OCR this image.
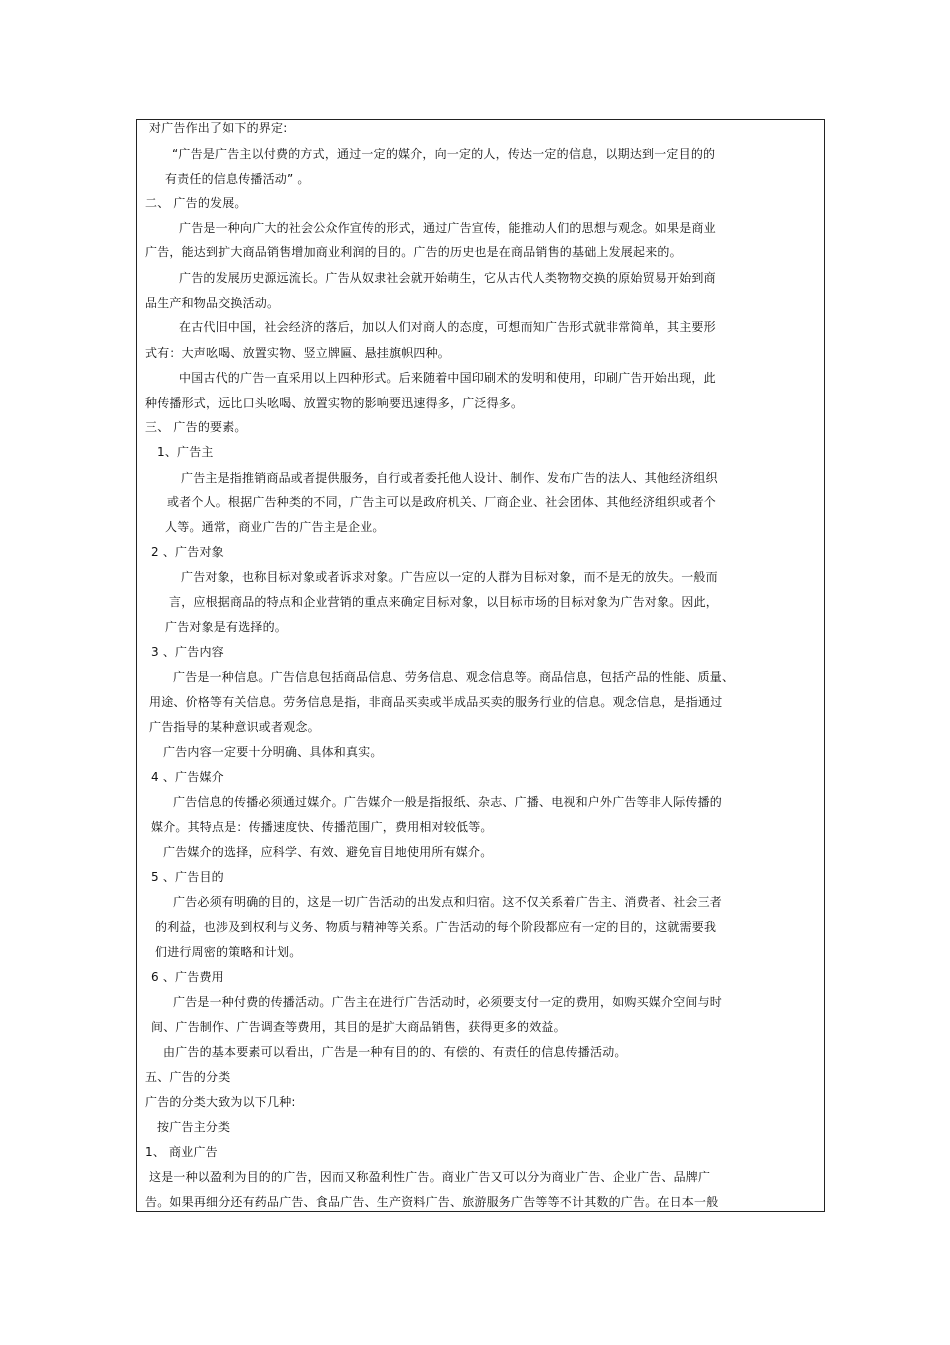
对广告作出了如下的界定:
“广告是广告主以付费的方式，通过一定的媒介，向一定的人，传达一定的信息，以期达到一定目的的
有责任的信息传播活动” 。
二、 广告的发展。
广告是一种向广大的社会公众作宣传的形式，通过广告宣传，能推动人们的思想与观念。如果是商业
广告，能达到扩大商品销售增加商业利润的目的。广告的历史也是在商品销售的基础上发展起来的。
广告的发展历史源远流长。广告从奴隶社会就开始萌生，它从古代人类物物交换的原始贸易开始到商
品生产和物品交换活动。
在古代旧中国，社会经济的落后，加以人们对商人的态度，可想而知广告形式就非常简单，其主要形
式有：大声吆喝、放置实物、竖立牌匾、悬挂旗帜四种。
中国古代的广告一直采用以上四种形式。后来随着中国印刷术的发明和使用，印刷广告开始出现，此
种传播形式，远比口头吆喝、放置实物的影响要迅速得多，广泛得多。
三、 广告的要素。
1、广告主
广告主是指推销商品或者提供服务，自行或者委托他人设计、制作、发布广告的法人、其他经济组织
或者个人。根据广告种类的不同，广告主可以是政府机关、厂商企业、社会团体、其他经济组织或者个
人等。通常，商业广告的广告主是企业。
2 、广告对象
广告对象，也称目标对象或者诉求对象。广告应以一定的人群为目标对象，而不是无的放失。一般而
言，应根据商品的特点和企业营销的重点来确定目标对象，以目标市场的目标对象为广告对象。因此，
广告对象是有选择的。
3 、广告内容
广告是一种信息。广告信息包括商品信息、劳务信息、观念信息等。商品信息，包括产品的性能、质量、
用途、价格等有关信息。劳务信息是指，非商品买卖或半成品买卖的服务行业的信息。观念信息，是指通过
广告指导的某种意识或者观念。
广告内容一定要十分明确、具体和真实。
4 、广告媒介
广告信息的传播必须通过媒介。广告媒介一般是指报纸、杂志、广播、电视和户外广告等非人际传播的
媒介。其特点是：传播速度快、传播范围广，费用相对较低等。
广告媒介的选择，应科学、有效、避免盲目地使用所有媒介。
5 、广告目的
广告必须有明确的目的，这是一切广告活动的出发点和归宿。这不仅关系着广告主、消费者、社会三者
的利益，也涉及到权利与义务、物质与精神等关系。广告活动的每个阶段都应有一定的目的，这就需要我
们进行周密的策略和计划。
6 、广告费用
广告是一种付费的传播活动。广告主在进行广告活动时，必须要支付一定的费用，如购买媒介空间与时
间、广告制作、广告调查等费用，其目的是扩大商品销售，获得更多的效益。
由广告的基本要素可以看出，广告是一种有目的的、有偿的、有责任的信息传播活动。
五、广告的分类
广告的分类大致为以下几种:
按广告主分类
1、 商业广告
这是一种以盈利为目的的广告，因而又称盈利性广告。商业广告又可以分为商业广告、企业广告、品牌广
告。如果再细分还有药品广告、食品广告、生产资料广告、旅游服务广告等等不计其数的广告。在日本一般
